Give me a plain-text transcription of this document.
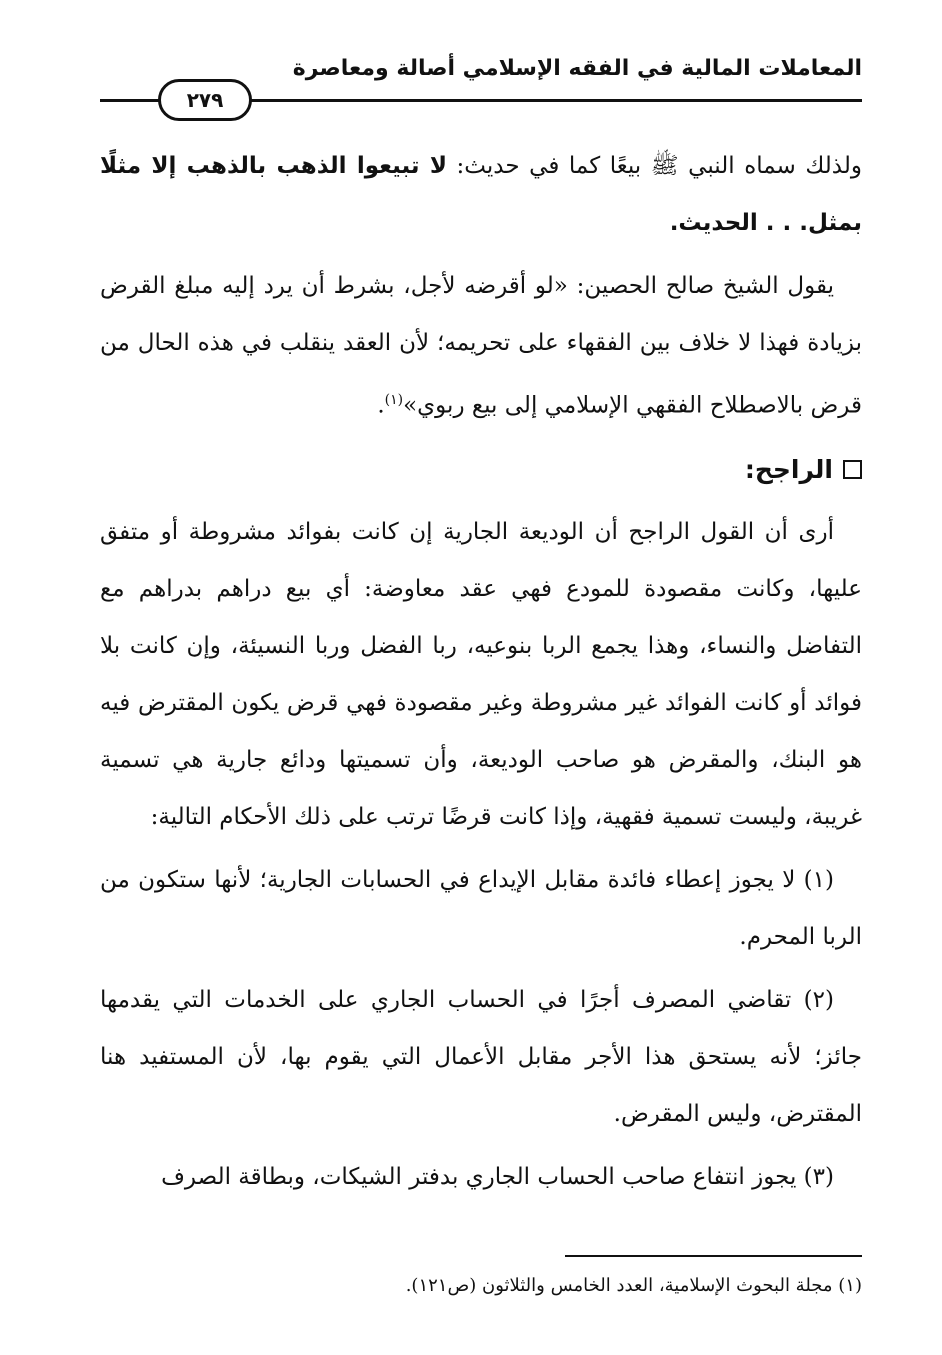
المعاملات المالية في الفقه الإسلامي أصالة ومعاصرة
٢٧٩

ولذلك سماه النبي ﷺ بيعًا كما في حديث: لا تبيعوا الذهب بالذهب إلا مثلًا بمثل. . . الحديث.

يقول الشيخ صالح الحصين: «لو أقرضه لأجل، بشرط أن يرد إليه مبلغ القرض بزيادة فهذا لا خلاف بين الفقهاء على تحريمه؛ لأن العقد ينقلب في هذه الحال من قرض بالاصطلاح الفقهي الإسلامي إلى بيع ربوي»$^{(١)}$.

الراجح:

أرى أن القول الراجح أن الوديعة الجارية إن كانت بفوائد مشروطة أو متفق عليها، وكانت مقصودة للمودع فهي عقد معاوضة: أي بيع دراهم بدراهم مع التفاضل والنساء، وهذا يجمع الربا بنوعيه، ربا الفضل وربا النسيئة، وإن كانت بلا فوائد أو كانت الفوائد غير مشروطة وغير مقصودة فهي قرض يكون المقترض فيه هو البنك، والمقرض هو صاحب الوديعة، وأن تسميتها ودائع جارية هي تسمية غريبة، وليست تسمية فقهية، وإذا كانت قرضًا ترتب على ذلك الأحكام التالية:

(١) لا يجوز إعطاء فائدة مقابل الإيداع في الحسابات الجارية؛ لأنها ستكون من الربا المحرم.

(٢) تقاضي المصرف أجرًا في الحساب الجاري على الخدمات التي يقدمها جائز؛ لأنه يستحق هذا الأجر مقابل الأعمال التي يقوم بها، لأن المستفيد هنا المقترض، وليس المقرض.

(٣) يجوز انتفاع صاحب الحساب الجاري بدفتر الشيكات، وبطاقة الصرف

(١) مجلة البحوث الإسلامية، العدد الخامس والثلاثون (ص١٢١).
